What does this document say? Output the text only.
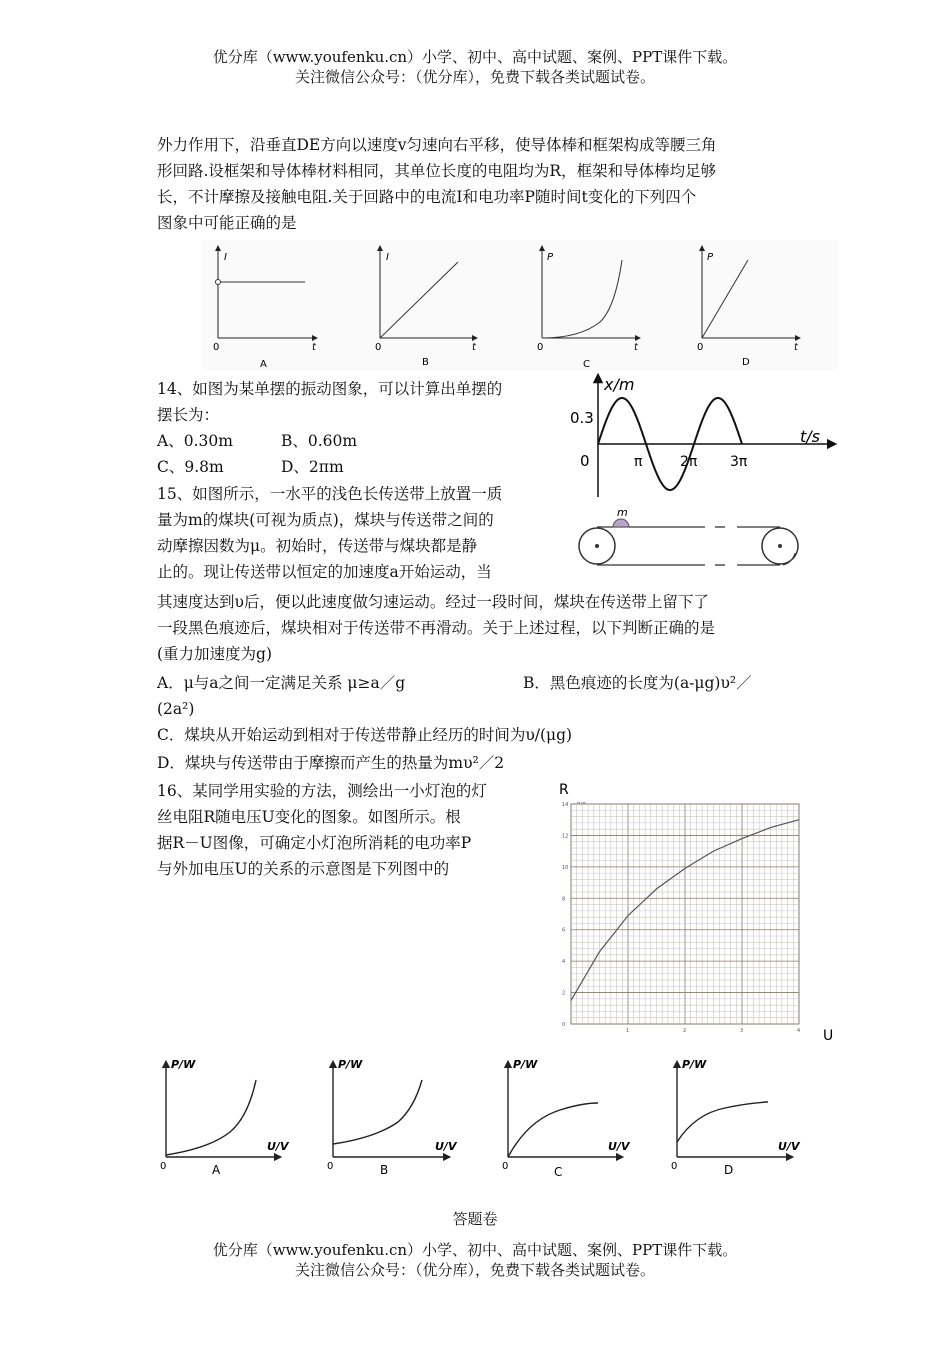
优分库（www.youfenku.cn）小学、初中、高中试题、案例、PPT课件下载。
关注微信公众号：（优分库），免费下载各类试题试卷。
外力作用下，沿垂直DE方向以速度v匀速向右平移，使导体棒和框架构成等腰三角
形回路.设框架和导体棒材料相同，其单位长度的电阻均为R，框架和导体棒均足够
长，不计摩擦及接触电阻.关于回路中的电流I和电功率P随时间t变化的下列四个
图象中可能正确的是
I
t
0
A
I
t
0
B
P
t
0
C
P
t
0
D
14、如图为某单摆的振动图象，可以计算出单摆的
摆长为：
A、0.30m	B、0.60m
C、9.8m	D、2πm
x/m
t/s
0.3
0	π	2π 3π
15、如图所示，一水平的浅色长传送带上放置一质
量为m的煤块(可视为质点)，煤块与传送带之间的
动摩擦因数为μ。初始时，传送带与煤块都是静
止的。现让传送带以恒定的加速度a开始运动，当
其速度达到υ后，便以此速度做匀速运动。经过一段时间，煤块在传送带上留下了
一段黑色痕迹后，煤块相对于传送带不再滑动。关于上述过程，以下判断正确的是
(重力加速度为g)
A．μ与a之间一定满足关系 μ≥a／g	B．黑色痕迹的长度为(a-μg)υ²／
(2a²)
C．煤块从开始运动到相对于传送带静止经历的时间为υ/(μg)
D．煤块与传送带由于摩擦而产生的热量为mυ²／2
m
16、某同学用实验的方法，测绘出一小灯泡的灯
丝电阻R随电压U变化的图象。如图所示。根
据R－U图像，可确定小灯泡所消耗的电功率P
与外加电压U的关系的示意图是下列图中的
R
U
14
12
10
8
6
4
2
0
1	2	3	4
P/W
U/V
0	A
P/W
U/V
0	B
P/W
U/V
0	C
P/W
U/V
0	D
答题卷
优分库（www.youfenku.cn）小学、初中、高中试题、案例、PPT课件下载。
关注微信公众号：（优分库），免费下载各类试题试卷。
